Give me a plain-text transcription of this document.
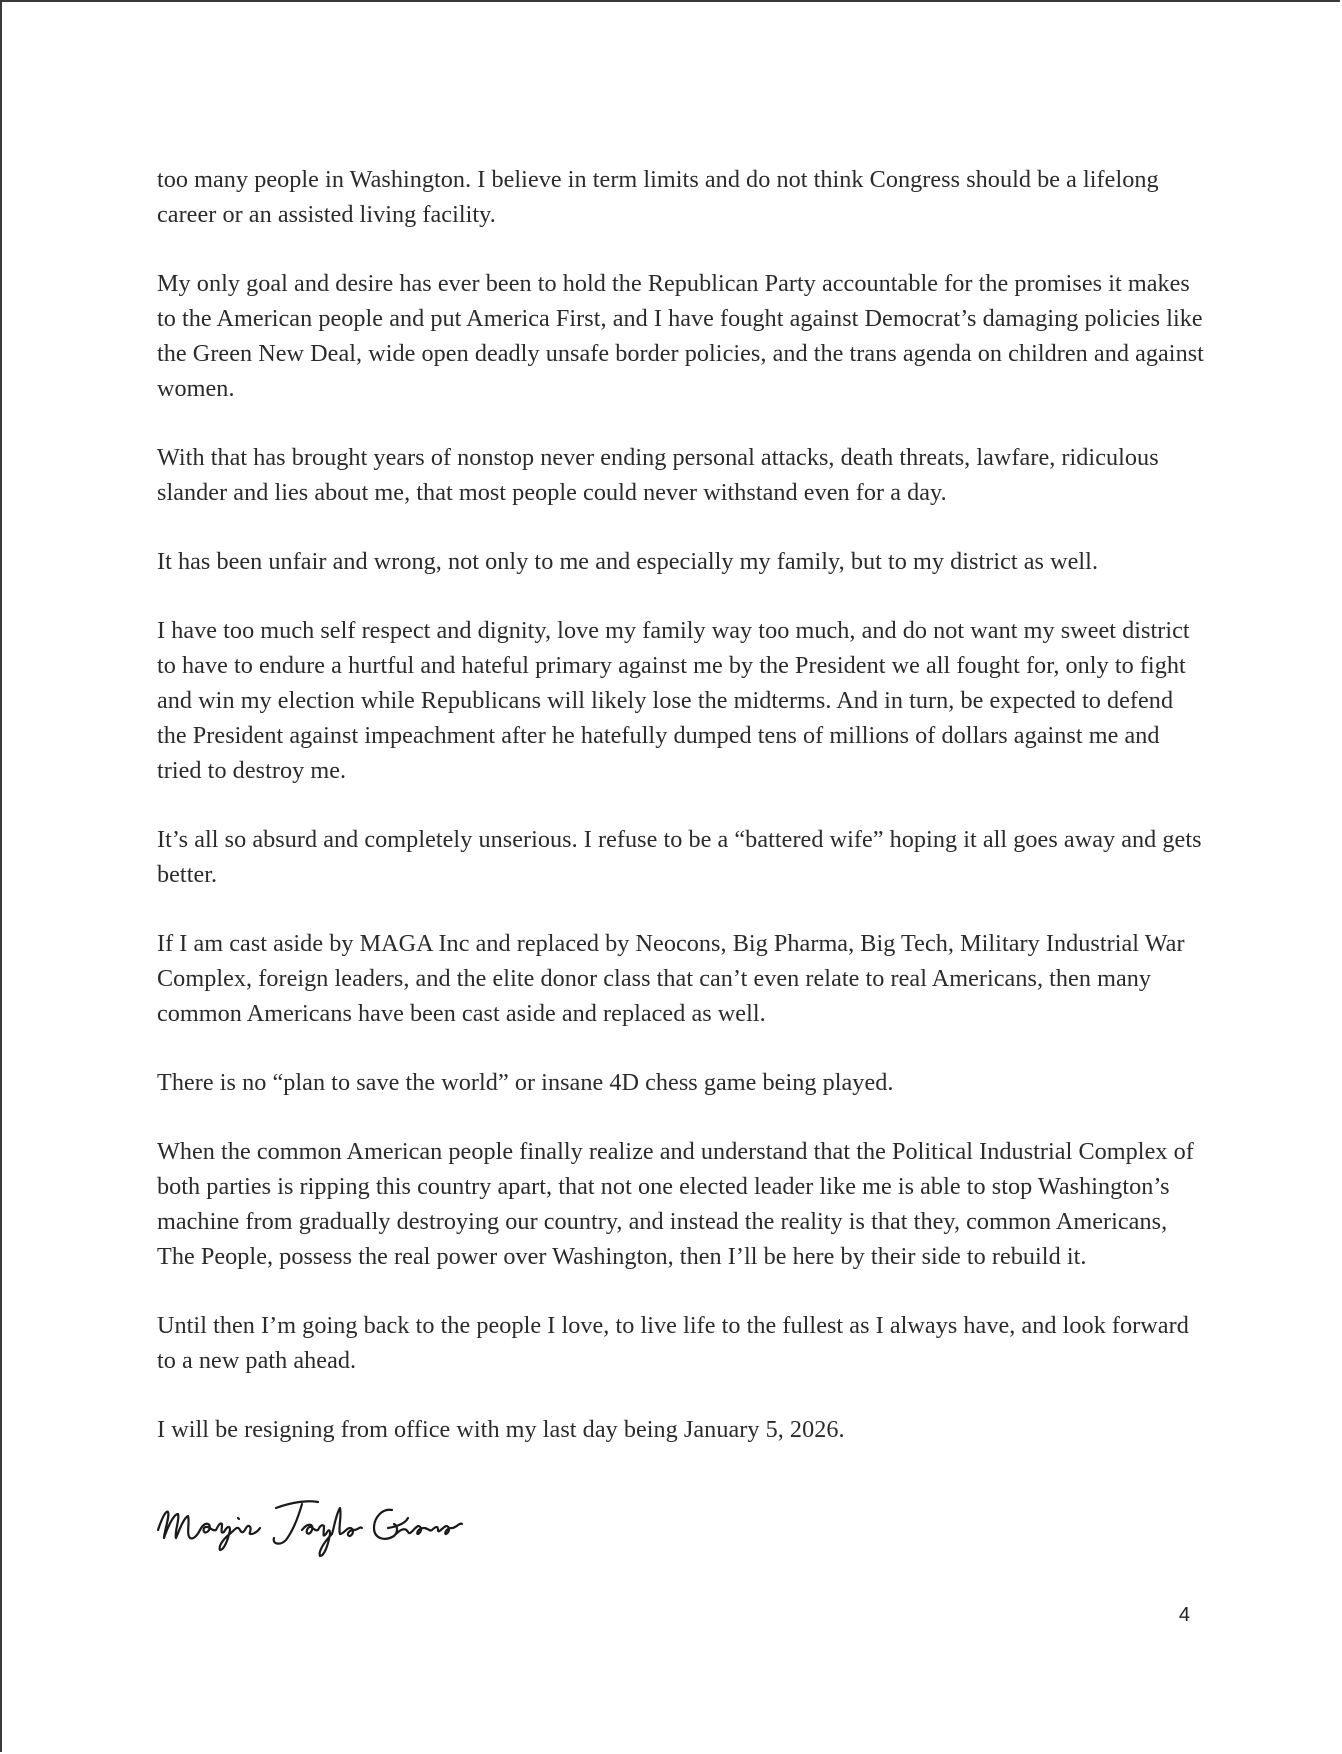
too many people in Washington. I believe in term limits and do not think Congress should be a lifelong career or an assisted living facility.

My only goal and desire has ever been to hold the Republican Party accountable for the promises it makes to the American people and put America First, and I have fought against Democrat’s damaging policies like the Green New Deal, wide open deadly unsafe border policies, and the trans agenda on children and against women.

With that has brought years of nonstop never ending personal attacks, death threats, lawfare, ridiculous slander and lies about me, that most people could never withstand even for a day.

It has been unfair and wrong, not only to me and especially my family, but to my district as well.

I have too much self respect and dignity, love my family way too much, and do not want my sweet district to have to endure a hurtful and hateful primary against me by the President we all fought for, only to fight and win my election while Republicans will likely lose the midterms. And in turn, be expected to defend the President against impeachment after he hatefully dumped tens of millions of dollars against me and tried to destroy me.

It’s all so absurd and completely unserious. I refuse to be a “battered wife” hoping it all goes away and gets better.

If I am cast aside by MAGA Inc and replaced by Neocons, Big Pharma, Big Tech, Military Industrial War Complex, foreign leaders, and the elite donor class that can’t even relate to real Americans, then many common Americans have been cast aside and replaced as well.

There is no “plan to save the world” or insane 4D chess game being played.

When the common American people finally realize and understand that the Political Industrial Complex of both parties is ripping this country apart, that not one elected leader like me is able to stop Washington’s machine from gradually destroying our country, and instead the reality is that they, common Americans, The People, possess the real power over Washington, then I’ll be here by their side to rebuild it.

Until then I’m going back to the people I love, to live life to the fullest as I always have, and look forward to a new path ahead.

I will be resigning from office with my last day being January 5, 2026.

4
